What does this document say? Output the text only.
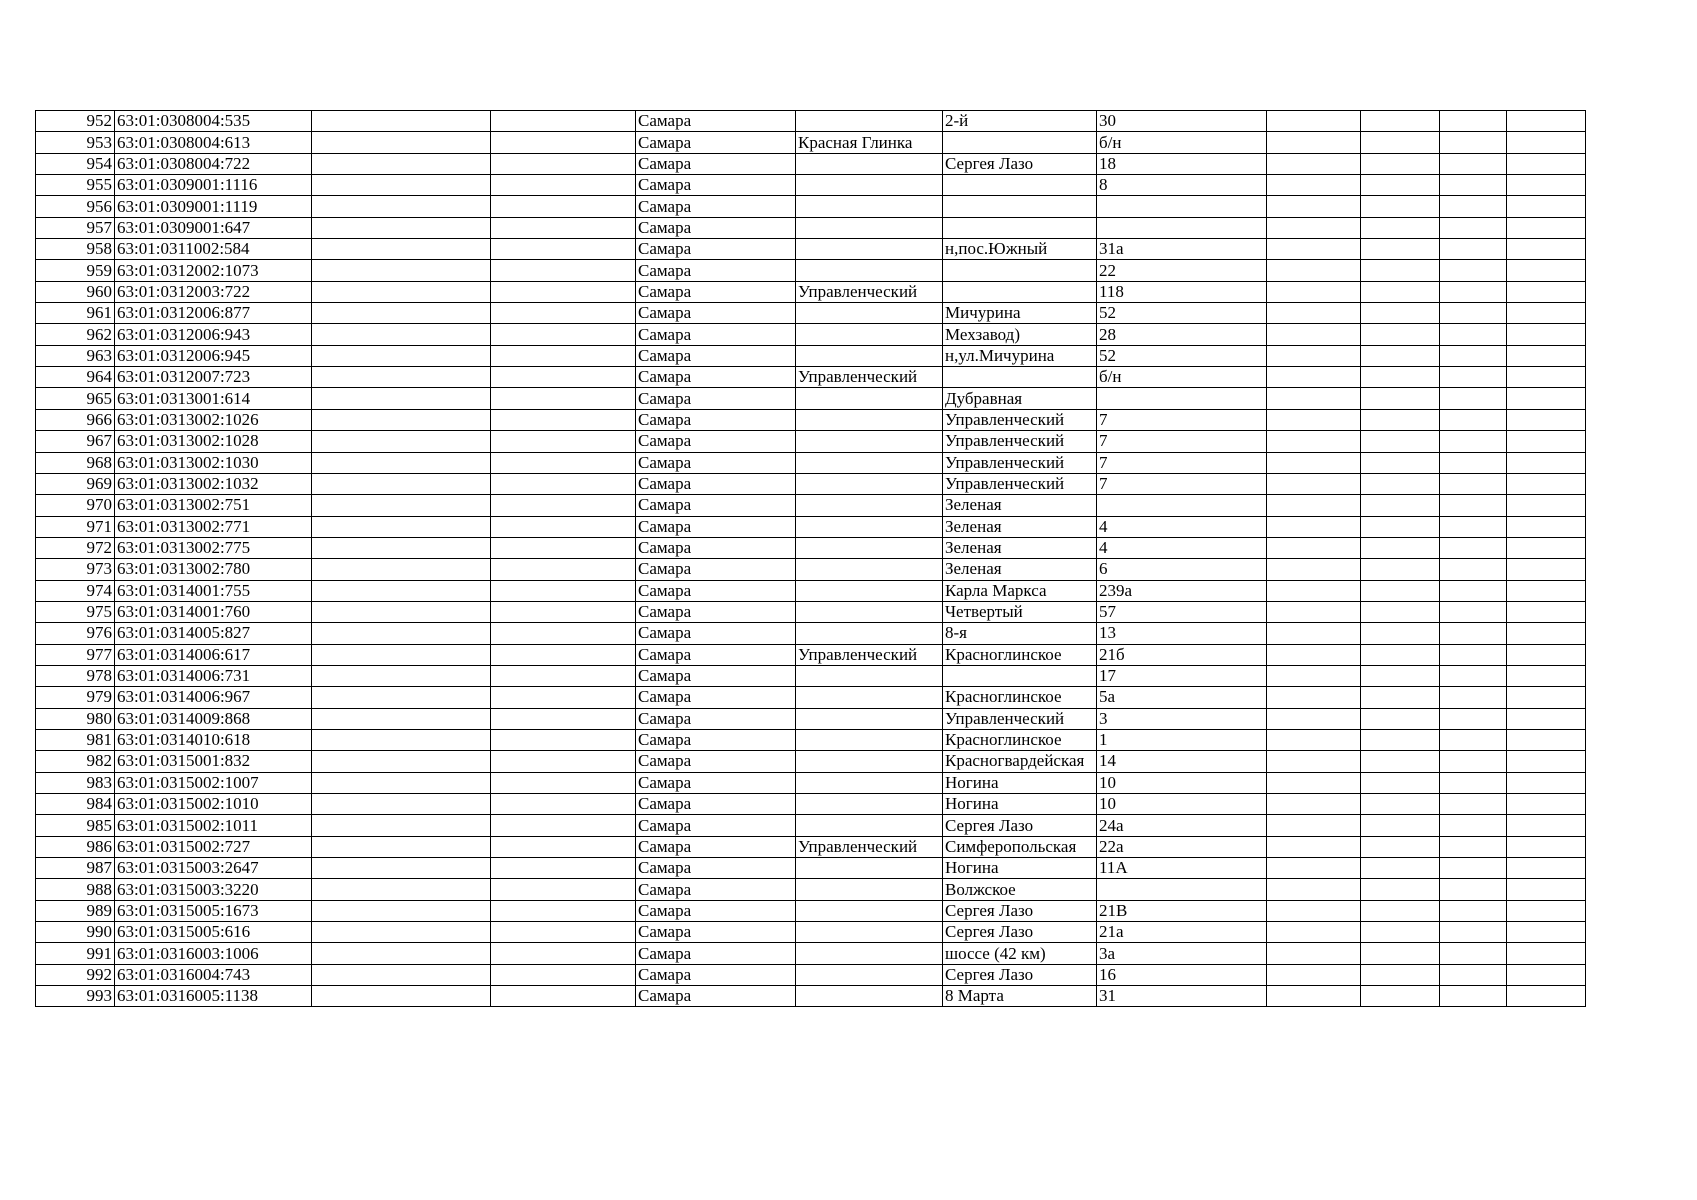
952	63:01:0308004:535			Самара		2-й	30				
953	63:01:0308004:613			Самара	Красная Глинка		б/н				
954	63:01:0308004:722			Самара		Сергея Лазо	18				
955	63:01:0309001:1116			Самара			8				
956	63:01:0309001:1119			Самара							
957	63:01:0309001:647			Самара							
958	63:01:0311002:584			Самара		н,пос.Южный	31а				
959	63:01:0312002:1073			Самара			22				
960	63:01:0312003:722			Самара	Управленческий		118				
961	63:01:0312006:877			Самара		Мичурина	52				
962	63:01:0312006:943			Самара		Мехзавод)	28				
963	63:01:0312006:945			Самара		н,ул.Мичурина	52				
964	63:01:0312007:723			Самара	Управленческий		б/н				
965	63:01:0313001:614			Самара		Дубравная					
966	63:01:0313002:1026			Самара		Управленческий	7				
967	63:01:0313002:1028			Самара		Управленческий	7				
968	63:01:0313002:1030			Самара		Управленческий	7				
969	63:01:0313002:1032			Самара		Управленческий	7				
970	63:01:0313002:751			Самара		Зеленая					
971	63:01:0313002:771			Самара		Зеленая	4				
972	63:01:0313002:775			Самара		Зеленая	4				
973	63:01:0313002:780			Самара		Зеленая	6				
974	63:01:0314001:755			Самара		Карла Маркса	239а				
975	63:01:0314001:760			Самара		Четвертый	57				
976	63:01:0314005:827			Самара		8-я	13				
977	63:01:0314006:617			Самара	Управленческий	Красноглинское	21б				
978	63:01:0314006:731			Самара			17				
979	63:01:0314006:967			Самара		Красноглинское	5а				
980	63:01:0314009:868			Самара		Управленческий	3				
981	63:01:0314010:618			Самара		Красноглинское	1				
982	63:01:0315001:832			Самара		Красногвардейская	14				
983	63:01:0315002:1007			Самара		Ногина	10				
984	63:01:0315002:1010			Самара		Ногина	10				
985	63:01:0315002:1011			Самара		Сергея Лазо	24а				
986	63:01:0315002:727			Самара	Управленческий	Симферопольская	22а				
987	63:01:0315003:2647			Самара		Ногина	11А				
988	63:01:0315003:3220			Самара		Волжское					
989	63:01:0315005:1673			Самара		Сергея Лазо	21В				
990	63:01:0315005:616			Самара		Сергея Лазо	21а				
991	63:01:0316003:1006			Самара		шоссе (42 км)	3а				
992	63:01:0316004:743			Самара		Сергея Лазо	16				
993	63:01:0316005:1138			Самара		8 Марта	31				
